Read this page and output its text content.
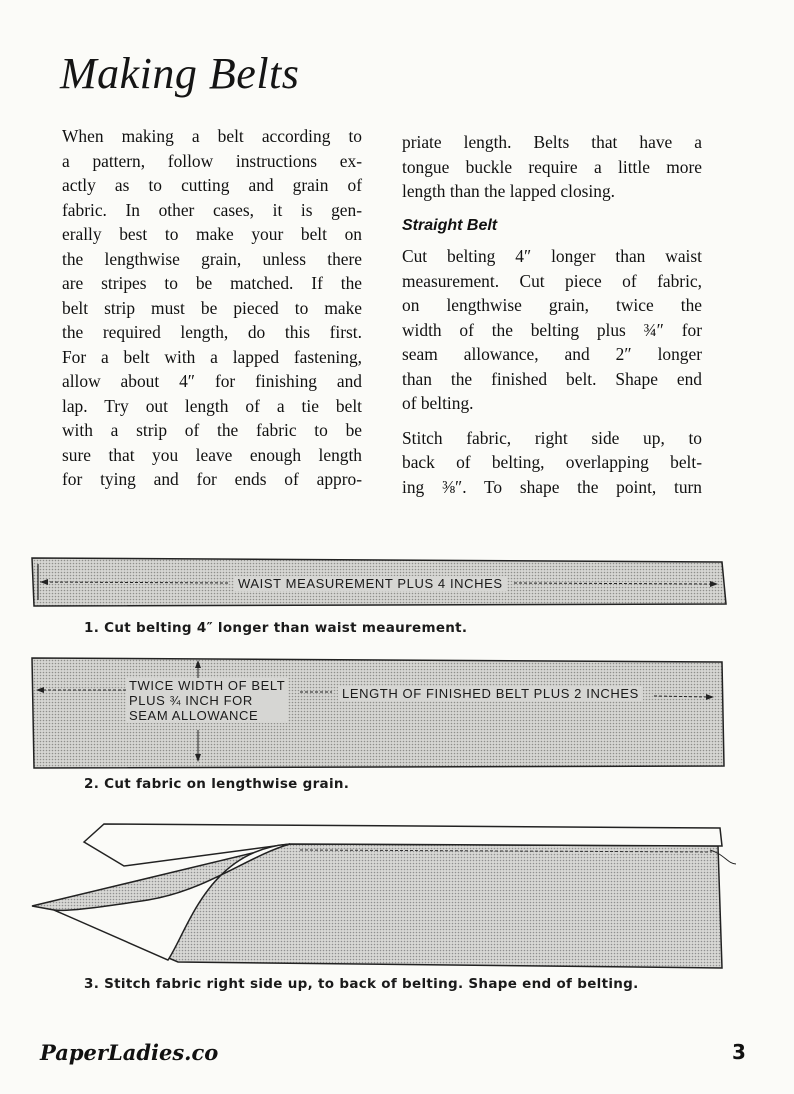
Making Belts

When making a belt according to
a pattern, follow instructions ex-
actly as to cutting and grain of
fabric. In other cases, it is gen-
erally best to make your belt on
the lengthwise grain, unless there
are stripes to be matched. If the
belt strip must be pieced to make
the required length, do this first.
For a belt with a lapped fastening,
allow about 4″ for finishing and
lap. Try out length of a tie belt
with a strip of the fabric to be
sure that you leave enough length
for tying and for ends of appro-

priate length. Belts that have a
tongue buckle require a little more
length than the lapped closing.

Straight Belt

Cut belting 4″ longer than waist
measurement. Cut piece of fabric,
on lengthwise grain, twice the
width of the belting plus ¾″ for
seam allowance, and 2″ longer
than the finished belt. Shape end
of belting.

Stitch fabric, right side up, to
back of belting, overlapping belt-
ing ⅜″. To shape the point, turn

WAIST MEASUREMENT PLUS 4 INCHES
1. Cut belting 4″ longer than waist meaurement.
TWICE WIDTH OF BELT
PLUS ¾ INCH FOR
SEAM ALLOWANCE
LENGTH OF FINISHED BELT PLUS 2 INCHES
2. Cut fabric on lengthwise grain.
3. Stitch fabric right side up, to back of belting. Shape end of belting.
PaperLadies.co	3
